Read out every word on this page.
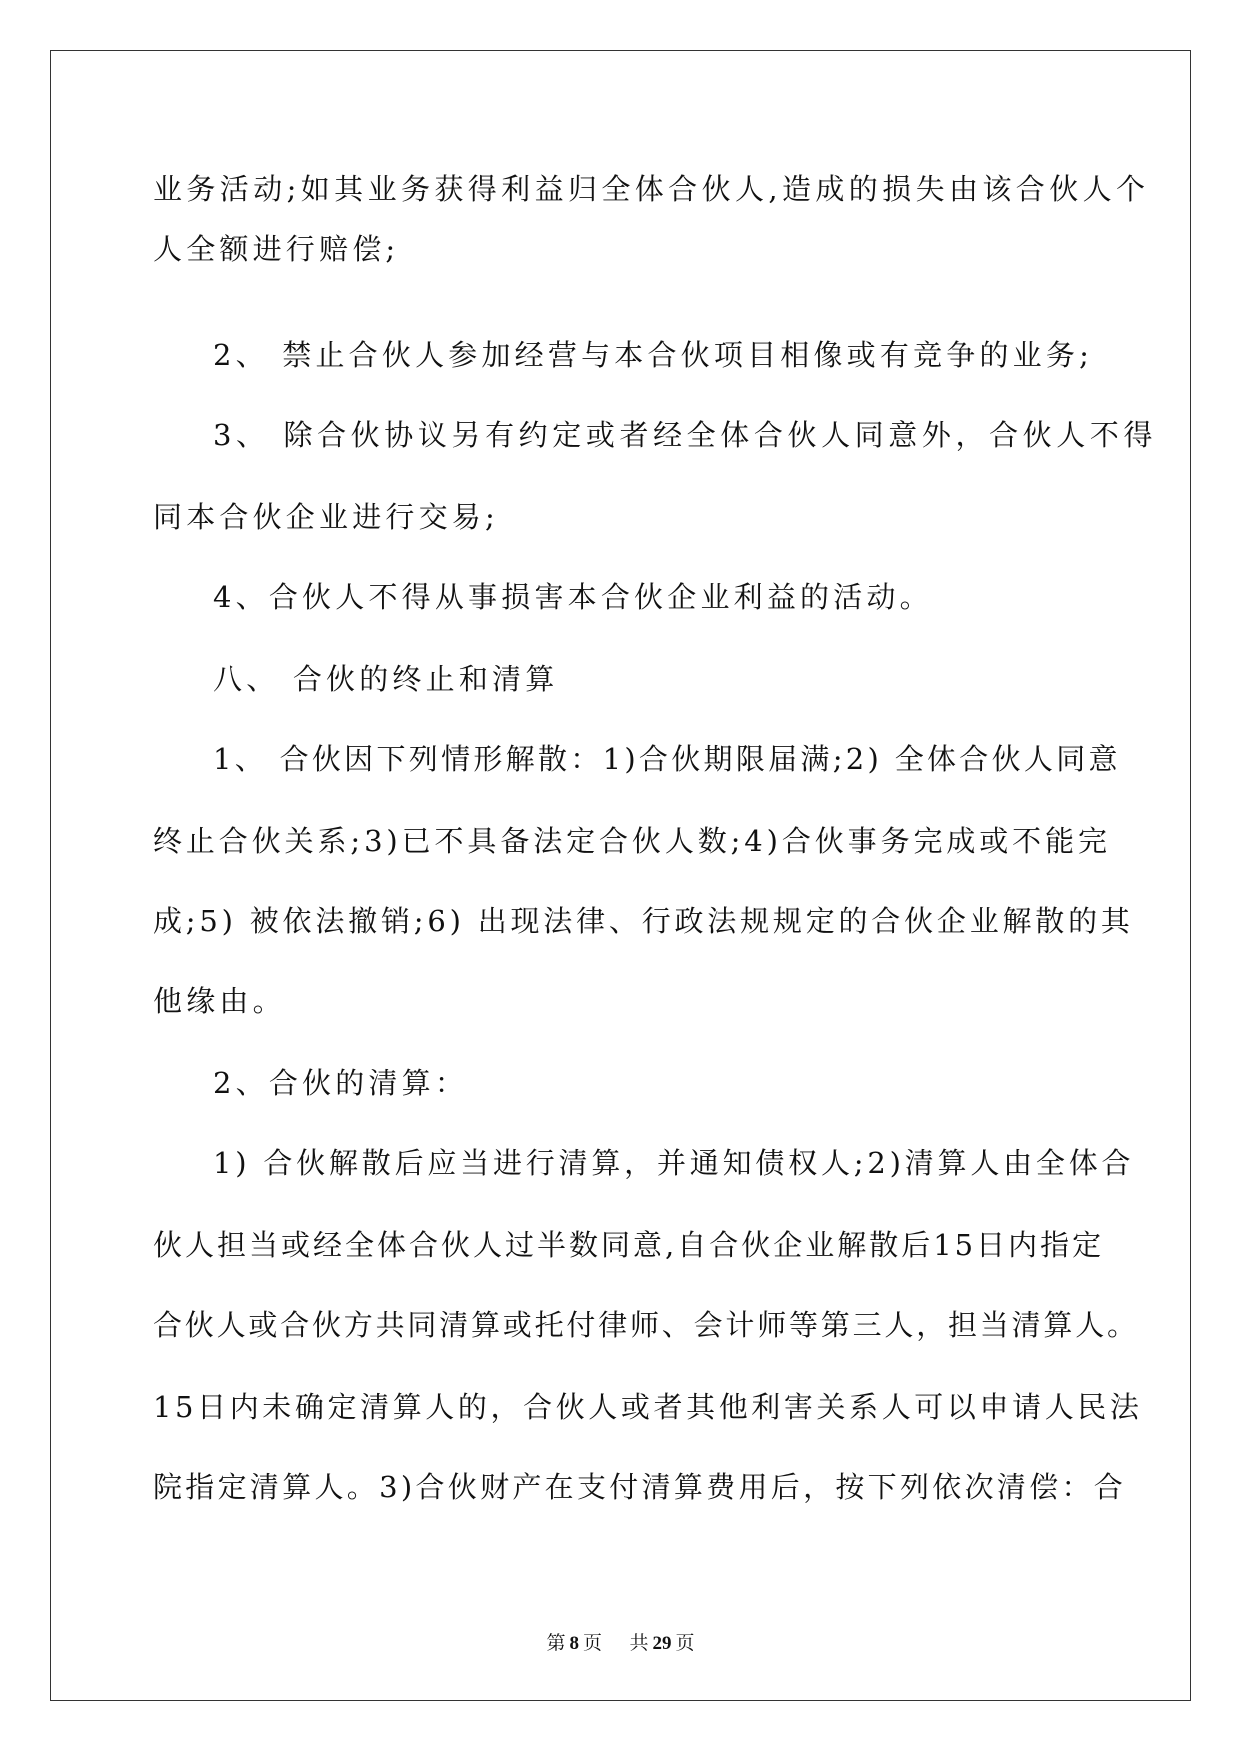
业务活动;如其业务获得利益归全体合伙人,造成的损失由该合伙人个
人全额进行赔偿;
2、 禁止合伙人参加经营与本合伙项目相像或有竞争的业务;
3、 除合伙协议另有约定或者经全体合伙人同意外，合伙人不得
同本合伙企业进行交易;
4、合伙人不得从事损害本合伙企业利益的活动。
八、 合伙的终止和清算
1、 合伙因下列情形解散：1)合伙期限届满;2) 全体合伙人同意
终止合伙关系;3)已不具备法定合伙人数;4)合伙事务完成或不能完
成;5) 被依法撤销;6) 出现法律、行政法规规定的合伙企业解散的其
他缘由。
2、合伙的清算：
1) 合伙解散后应当进行清算，并通知债权人;2)清算人由全体合
伙人担当或经全体合伙人过半数同意,自合伙企业解散后15日内指定
合伙人或合伙方共同清算或托付律师、会计师等第三人，担当清算人。
15日内未确定清算人的，合伙人或者其他利害关系人可以申请人民法
院指定清算人。3)合伙财产在支付清算费用后，按下列依次清偿：合
第 8 页 共 29 页
